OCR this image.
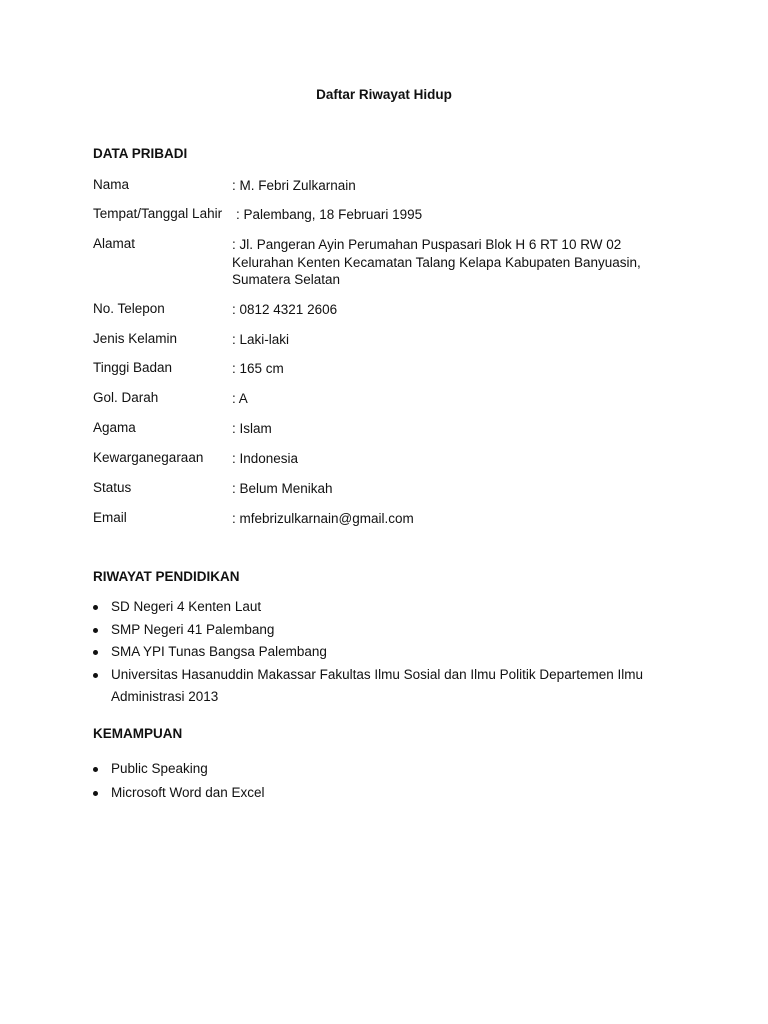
Daftar Riwayat Hidup
DATA PRIBADI
Nama	: M. Febri Zulkarnain
Tempat/Tanggal Lahir : Palembang, 18 Februari 1995
Alamat	: Jl. Pangeran Ayin Perumahan Puspasari Blok H 6 RT 10 RW 02
Kelurahan Kenten Kecamatan Talang Kelapa Kabupaten Banyuasin,
Sumatera Selatan
No. Telepon	: 0812 4321 2606
Jenis Kelamin	: Laki-laki
Tinggi Badan	: 165 cm
Gol. Darah	: A
Agama	: Islam
Kewarganegaraan : Indonesia
Status	: Belum Menikah
Email	: mfebrizulkarnain@gmail.com
RIWAYAT PENDIDIKAN
SD Negeri 4 Kenten Laut
SMP Negeri 41 Palembang
SMA YPI Tunas Bangsa Palembang
Universitas Hasanuddin Makassar Fakultas Ilmu Sosial dan Ilmu Politik Departemen Ilmu
Administrasi 2013
KEMAMPUAN
Public Speaking
Microsoft Word dan Excel
